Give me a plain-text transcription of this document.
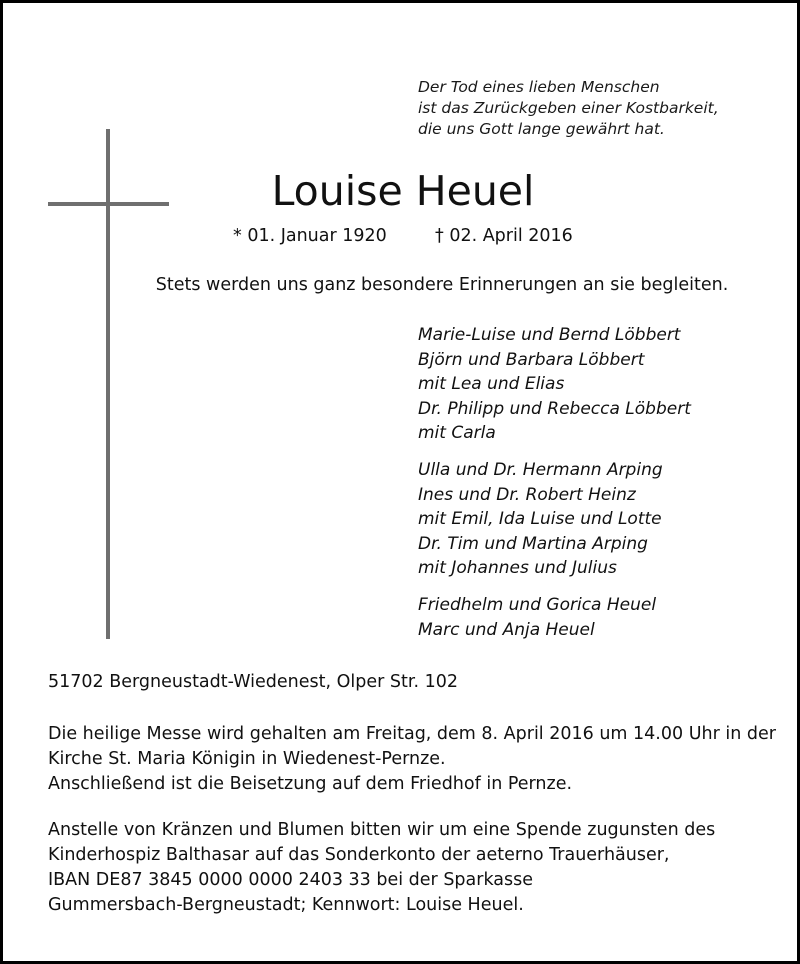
Der Tod eines lieben Menschen
ist das Zurückgeben einer Kostbarkeit,
die uns Gott lange gewährt hat.
Louise Heuel
* 01. Januar 1920	† 02. April 2016
Stets werden uns ganz besondere Erinnerungen an sie begleiten.
Marie-Luise und Bernd Löbbert
Björn und Barbara Löbbert
mit Lea und Elias
Dr. Philipp und Rebecca Löbbert
mit Carla
Ulla und Dr. Hermann Arping
Ines und Dr. Robert Heinz
mit Emil, Ida Luise und Lotte
Dr. Tim und Martina Arping
mit Johannes und Julius
Friedhelm und Gorica Heuel
Marc und Anja Heuel
51702 Bergneustadt-Wiedenest, Olper Str. 102
Die heilige Messe wird gehalten am Freitag, dem 8. April 2016 um 14.00 Uhr in der
Kirche St. Maria Königin in Wiedenest-Pernze.
Anschließend ist die Beisetzung auf dem Friedhof in Pernze.
Anstelle von Kränzen und Blumen bitten wir um eine Spende zugunsten des
Kinderhospiz Balthasar auf das Sonderkonto der aeterno Trauerhäuser,
IBAN DE87 3845 0000 0000 2403 33 bei der Sparkasse
Gummersbach-Bergneustadt; Kennwort: Louise Heuel.
